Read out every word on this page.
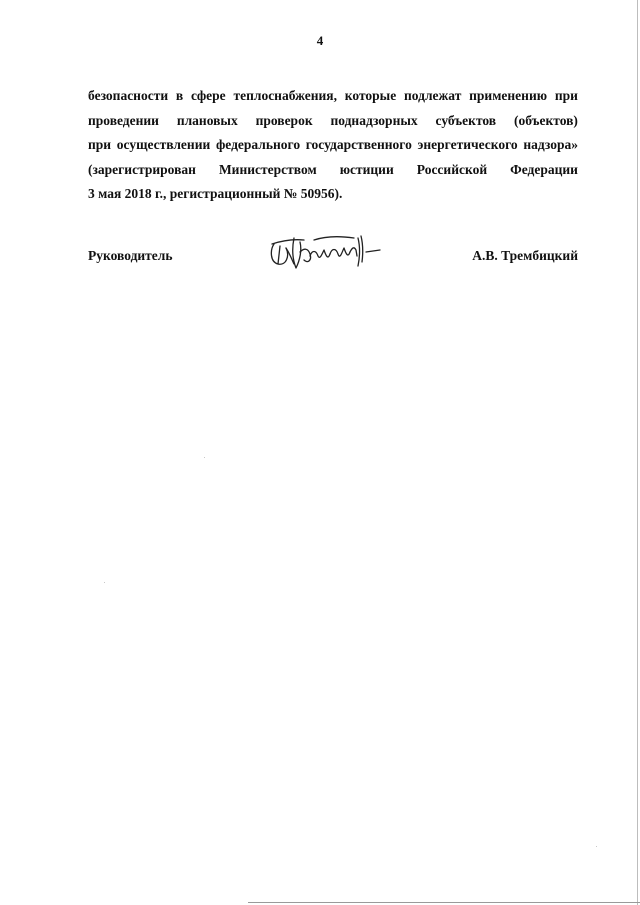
4
безопасности в сфере теплоснабжения, которые подлежат применению при
проведении плановых проверок поднадзорных субъектов (объектов)
при осуществлении федерального государственного энергетического надзора»
(зарегистрирован Министерством юстиции Российской Федерации
3 мая 2018 г., регистрационный № 50956).
Руководитель	А.В. Трембицкий
